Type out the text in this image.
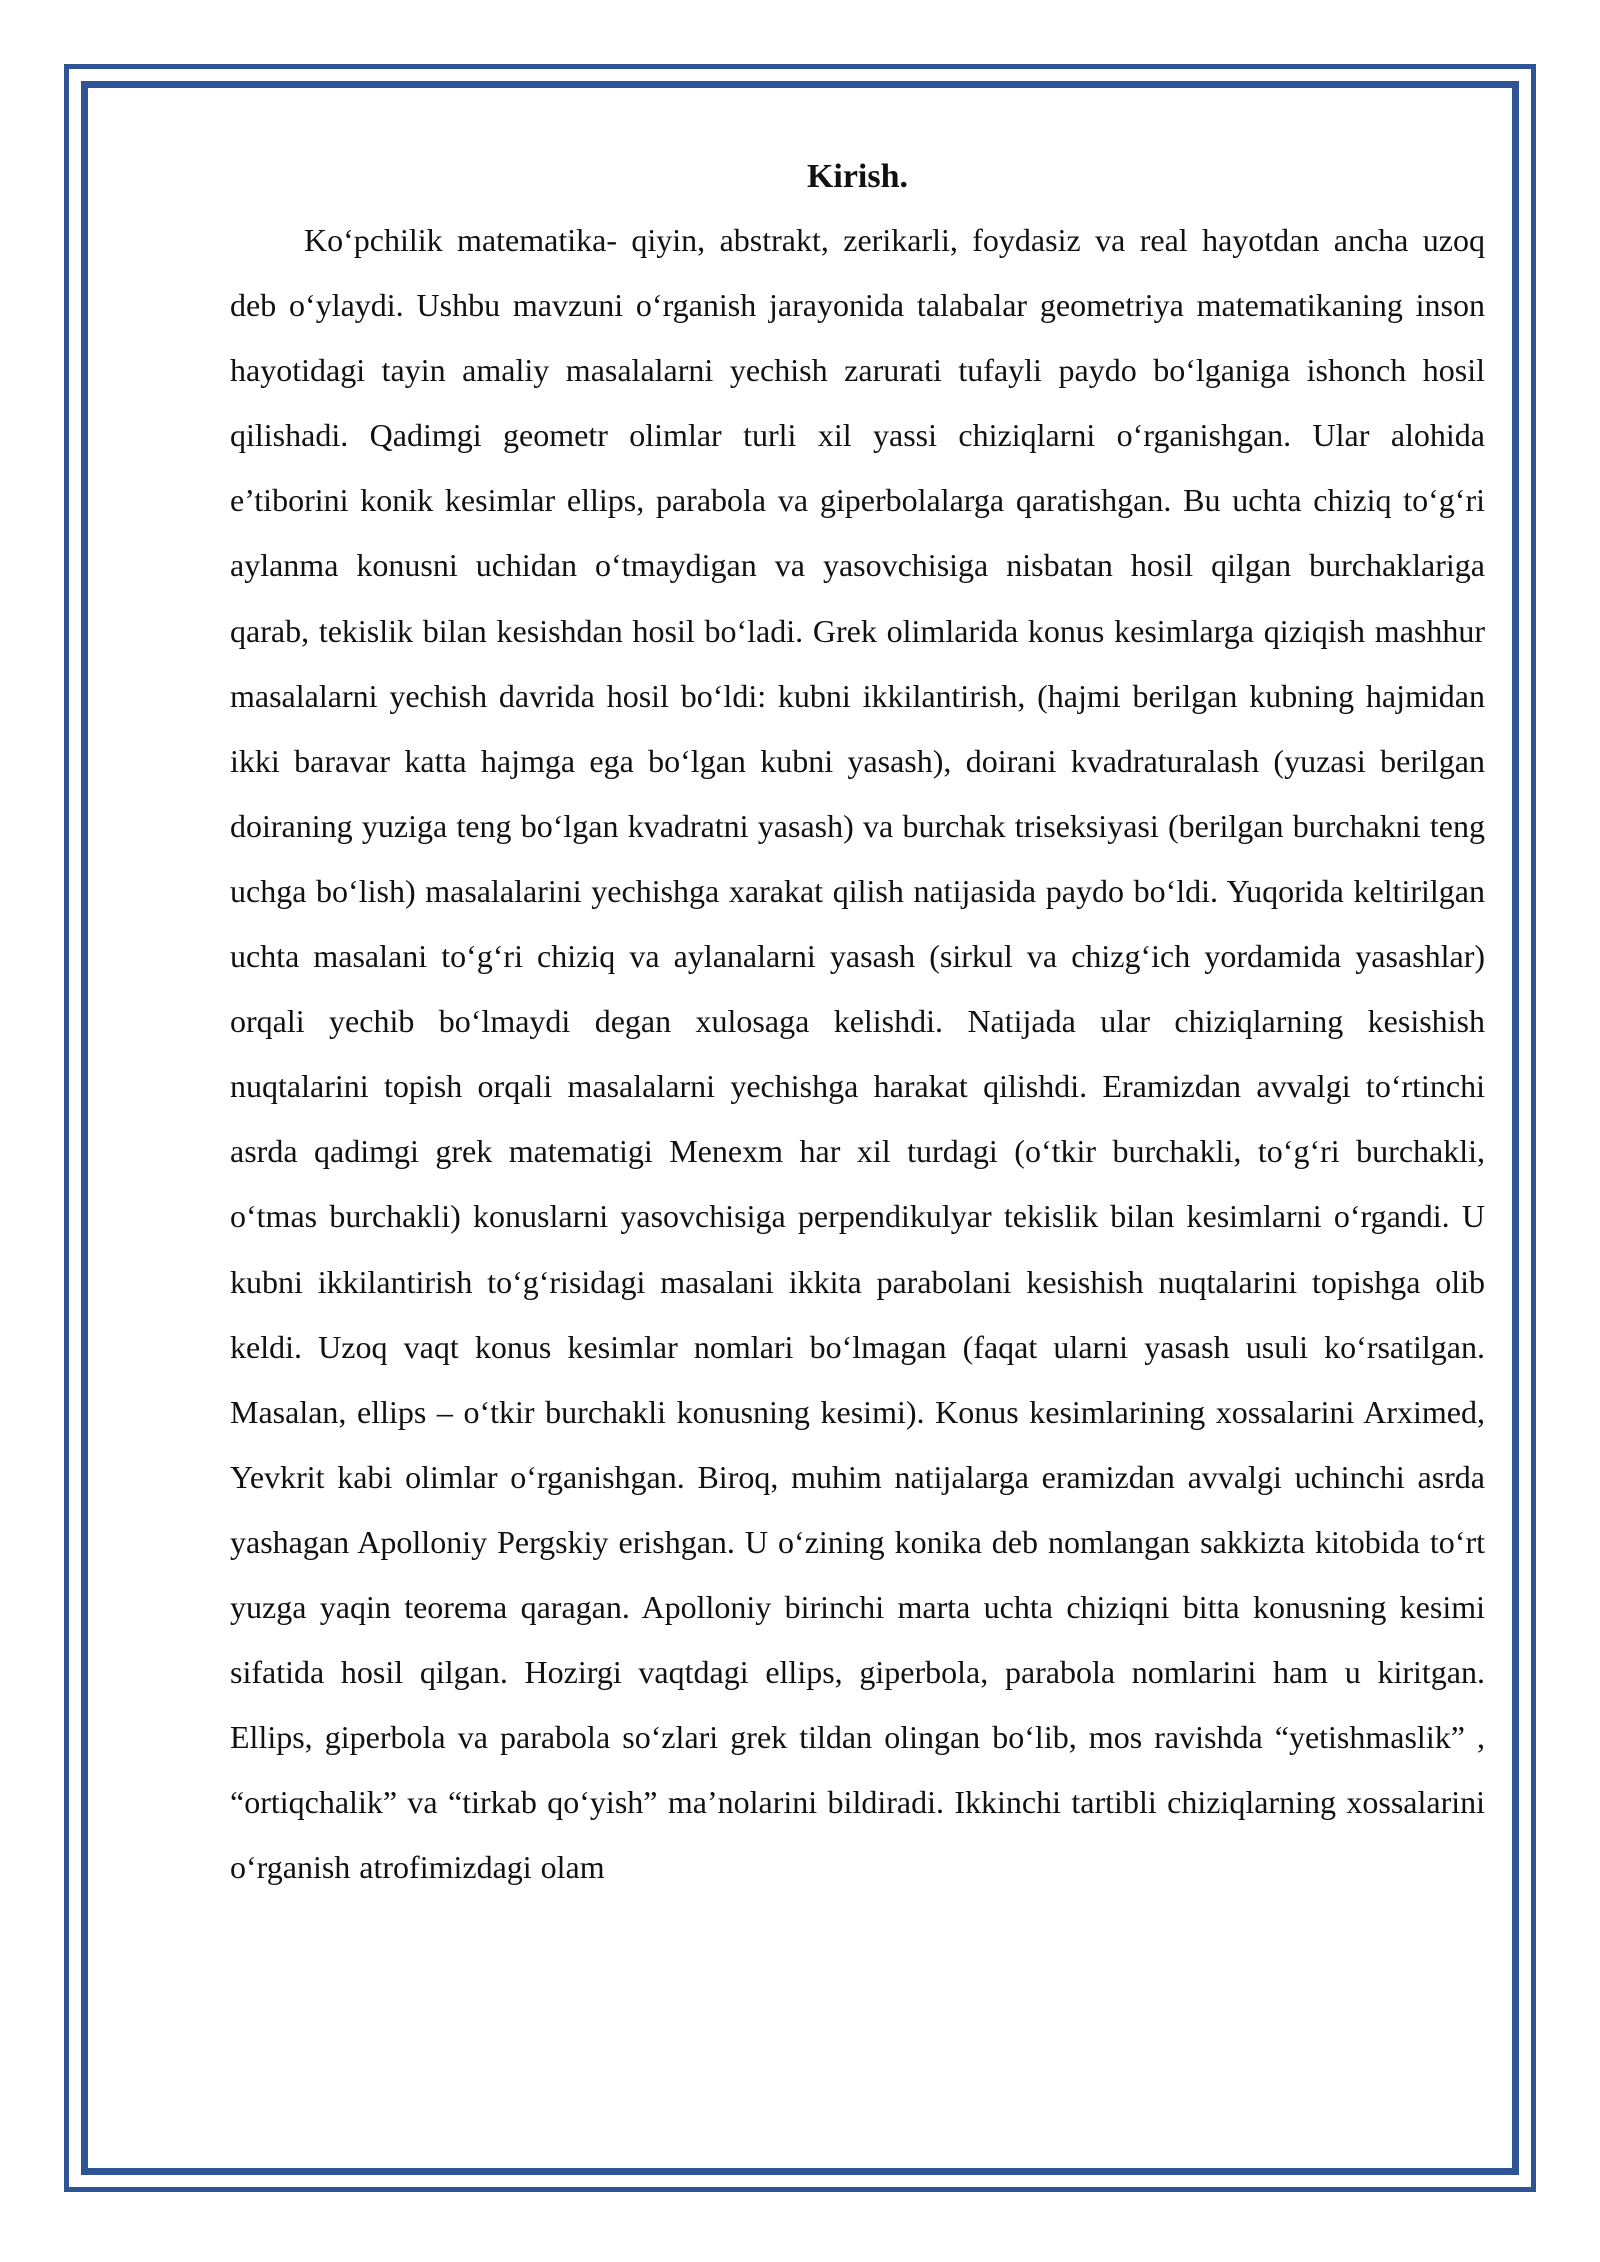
Kirish.

Ko‘pchilik matematika- qiyin, abstrakt, zerikarli, foydasiz va real hayotdan ancha uzoq deb o‘ylaydi. Ushbu mavzuni o‘rganish jarayonida talabalar geometriya matematikaning inson hayotidagi tayin amaliy masalalarni yechish zarurati tufayli paydo bo‘lganiga ishonch hosil qilishadi. Qadimgi geometr olimlar turli xil yassi chiziqlarni o‘rganishgan. Ular alohida e’tiborini konik kesimlar ellips, parabola va giperbolalarga qaratishgan. Bu uchta chiziq to‘g‘ri aylanma konusni uchidan o‘tmaydigan va yasovchisiga nisbatan hosil qilgan burchaklariga qarab, tekislik bilan kesishdan hosil bo‘ladi. Grek olimlarida konus kesimlarga qiziqish mashhur masalalarni yechish davrida hosil bo‘ldi: kubni ikkilantirish, (hajmi berilgan kubning hajmidan ikki baravar katta hajmga ega bo‘lgan kubni yasash), doirani kvadraturalash (yuzasi berilgan doiraning yuziga teng bo‘lgan kvadratni yasash) va burchak triseksiyasi (berilgan burchakni teng uchga bo‘lish) masalalarini yechishga xarakat qilish natijasida paydo bo‘ldi. Yuqorida keltirilgan uchta masalani to‘g‘ri chiziq va aylanalarni yasash (sirkul va chizg‘ich yordamida yasashlar) orqali yechib bo‘lmaydi degan xulosaga kelishdi. Natijada ular chiziqlarning kesishish nuqtalarini topish orqali masalalarni yechishga harakat qilishdi. Eramizdan avvalgi to‘rtinchi asrda qadimgi grek matematigi Menexm har xil turdagi (o‘tkir burchakli, to‘g‘ri burchakli, o‘tmas burchakli) konuslarni yasovchisiga perpendikulyar tekislik bilan kesimlarni o‘rgandi. U kubni ikkilantirish to‘g‘risidagi masalani ikkita parabolani kesishish nuqtalarini topishga olib keldi. Uzoq vaqt konus kesimlar nomlari bo‘lmagan (faqat ularni yasash usuli ko‘rsatilgan. Masalan, ellips – o‘tkir burchakli konusning kesimi). Konus kesimlarining xossalarini Arximed, Yevkrit kabi olimlar o‘rganishgan. Biroq, muhim natijalarga eramizdan avvalgi uchinchi asrda yashagan Apolloniy Pergskiy erishgan. U o‘zining konika deb nomlangan sakkizta kitobida to‘rt yuzga yaqin teorema qaragan. Apolloniy birinchi marta uchta chiziqni bitta konusning kesimi sifatida hosil qilgan. Hozirgi vaqtdagi ellips, giperbola, parabola nomlarini ham u kiritgan. Ellips, giperbola va parabola so‘zlari grek tildan olingan bo‘lib, mos ravishda “yetishmaslik” , “ortiqchalik” va “tirkab qo‘yish” ma’nolarini bildiradi. Ikkinchi tartibli chiziqlarning xossalarini o‘rganish atrofimizdagi olam
